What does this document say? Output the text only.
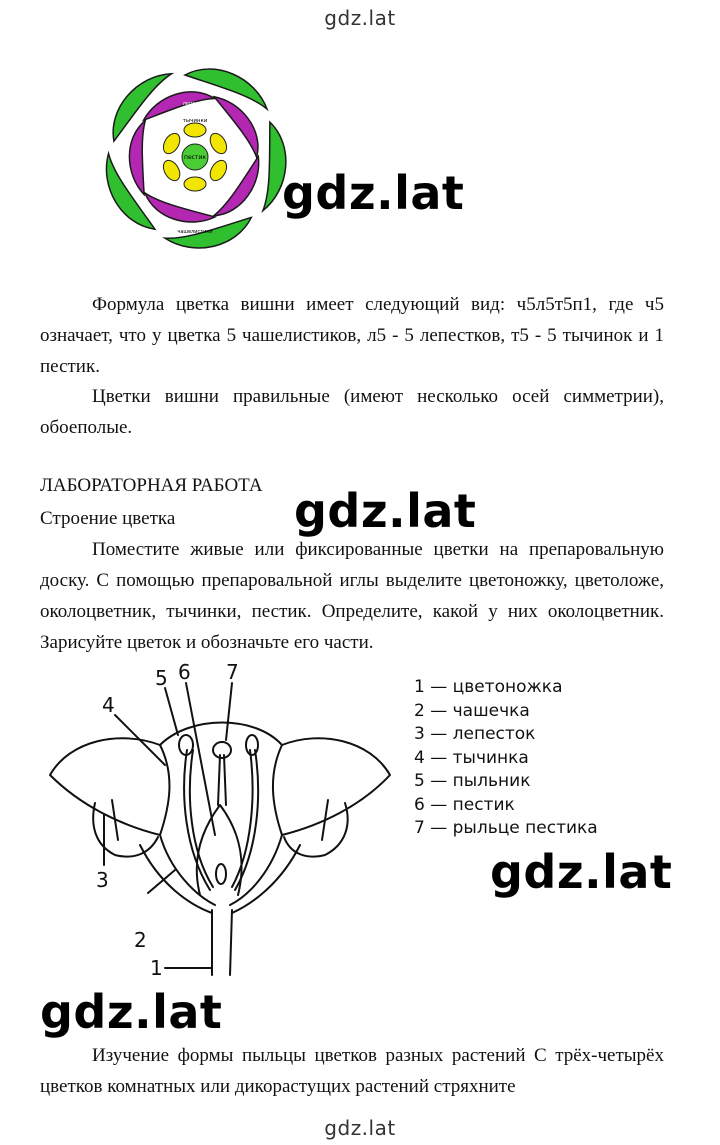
gdz.lat
пестик
тычинки
лепестки
чашелистики
gdz.lat

Формула цветка вишни имеет следующий вид: ч5л5т5п1, где ч5 означает, что у цветка 5 чашелистиков, л5 - 5 лепестков, т5 - 5 тычинок и 1 пестик.

Цветки вишни правильные (имеют несколько осей симметрии), обоеполые.

ЛАБОРАТОРНАЯ РАБОТА
Строение цветка	gdz.lat

Поместите живые или фиксированные цветки на препаровальную доску. С помощью препаровальной иглы выделите цветоножку, цветоложе, околоцветник, тычинки, пестик. Определите, какой у них околоцветник. Зарисуйте цветок и обозначьте его части.

4
5 6 7
3
2
1
1 — цветоножка
2 — чашечка
3 — лепесток
4 — тычинка
5 — пыльник
6 — пестик
7 — рыльце пестика
gdz.lat
gdz.lat

Изучение формы пыльцы цветков разных растений С трёх-четырёх цветков комнатных или дикорастущих растений стряхните

gdz.lat
